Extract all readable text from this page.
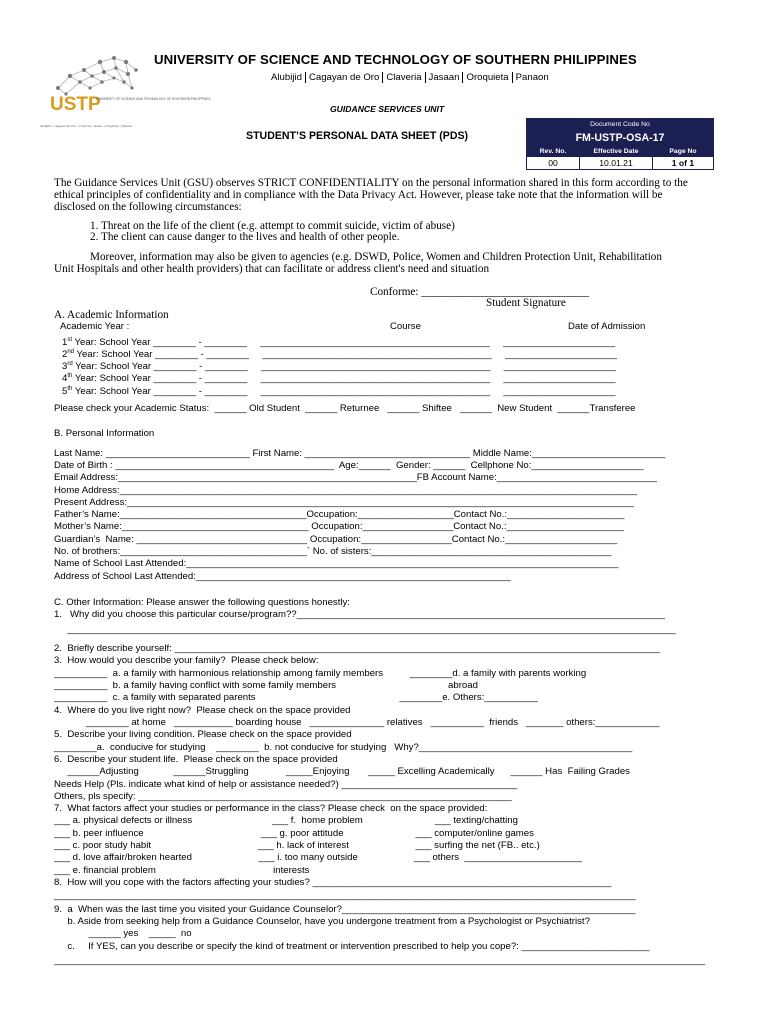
USTP
UNIVERSITY OF SCIENCE AND TECHNOLOGY OF SOUTHERN PHILIPPINES
Alubijid | Cagayan de Oro | Claveria | Jasaan | Oroquieta | Panaon
UNIVERSITY OF SCIENCE AND TECHNOLOGY OF SOUTHERN PHILIPPINES
Alubijid Cagayan de Oro Claveria Jasaan Oroquieta Panaon
GUIDANCE SERVICES UNIT
STUDENT’S PERSONAL DATA SHEET (PDS)
Document Code No		
FM-USTP-OSA-17		
Rev. No.	Effective Date	Page No
00	10.01.21	1 of 1
The Guidance Services Unit (GSU) observes STRICT CONFIDENTIALITY on the personal information shared in this form according to the
ethical principles of confidentiality and in compliance with the Data Privacy Act. However, please take note that the information will be
disclosed on the following circumstances:
1. Threat on the life of the client (e.g. attempt to commit suicide, victim of abuse)
2. The client can cause danger to the lives and health of other people.
Moreover, information may also be given to agencies (e.g. DSWD, Police, Women and Children Protection Unit, Rehabilitation
Unit Hospitals and other health providers) that can facilitate or address client's need and situation
Conforme: ______________________________
Student Signature
A. Academic Information
Academic Year :	Course	Date of Admission
1st Year: School Year ________ - ________     ___________________________________________     _____________________
2nd Year: School Year ________ - ________     ___________________________________________     _____________________
3rd Year: School Year ________ - ________     ___________________________________________     _____________________
4th Year: School Year ________ - ________     ___________________________________________     _____________________
5th Year: School Year ________ - ________     ___________________________________________     _____________________
Please check your Academic Status:  ______ Old Student  ______ Returnee   ______ Shiftee   ______  New Student  ______Transferee
B. Personal Information
Last Name: ___________________________ First Name: _______________________________ Middle Name:_________________________
Date of Birth : _________________________________________  Age:______  Gender: ______  Cellphone No:_____________________
Email Address:________________________________________________________FB Account Name:______________________________
Home Address:_________________________________________________________________________________________________
Present Address:_______________________________________________________________________________________________
Father’s Name:___________________________________Occupation:__________________Contact No.:______________________
Mother’s Name:___________________________________ Occupation:_________________Contact No.:______________________
Guardian’s  Name: ________________________________ Occupation:_________________Contact No.:_____________________
No. of brothers:___________________________________` No. of sisters:_____________________________________________
Name of School Last Attended:_________________________________________________________________________________
Address of School Last Attended:___________________________________________________________
C. Other Information: Please answer the following questions honestly:
1.   Why did you choose this particular course/program??_____________________________________________________________________
__________________________________________________________________________________________________________________
2.  Briefly describe yourself: ___________________________________________________________________________________________
3.  How would you describe your family?  Please check below:
__________  a. a family with harmonious relationship among family members          ________d. a family with parents working
__________  b. a family having conflict with some family members                                          abroad
__________  c. a family with separated parents                                                      ________e. Others:__________
4.  Where do you live right now?  Please check on the space provided
________ at home   ___________ boarding house   ______________ relatives   __________  friends   _______ others:____________
5.  Describe your living condition. Please check on the space provided
________a.  conducive for studying    ________  b. not conducive for studying   Why?________________________________________
6.  Describe your student life.  Please check on the space provided
______Adjusting             ______Struggling              _____Enjoying       _____ Excelling Academically      ______ Has  Failing Grades
Needs Help (Pls. indicate what kind of help or assistance needed?) _________________________________
Others, pls specify: ______________________________________________________________________
7.  What factors affect your studies or performance in the class? Please check  on the space provided:
___ a. physical defects or illness                              ___ f.  home problem                           ___ texting/chatting
___ b. peer influence                                            ___ g. poor attitude                           ___ computer/online games
___ c. poor study habit                                        ___ h. lack of interest                         ___ surfing the net (FB.. etc.)
___ d. love affair/broken hearted                         ___ i. too many outside                     ___ others  ______________________
___ e. financial problem                                            interests
8.  How will you cope with the factors affecting your studies? ________________________________________________________
_____________________________________________________________________________________________________________
9.  a  When was the last time you visited your Guidance Counselor?_______________________________________________________
b. Aside from seeking help from a Guidance Counselor, have you undergone treatment from a Psychologist or Psychiatrist?
______ yes    _____  no
c.     If YES, can you describe or specify the kind of treatment or intervention prescribed to help you cope?: ________________________
__________________________________________________________________________________________________________________________
